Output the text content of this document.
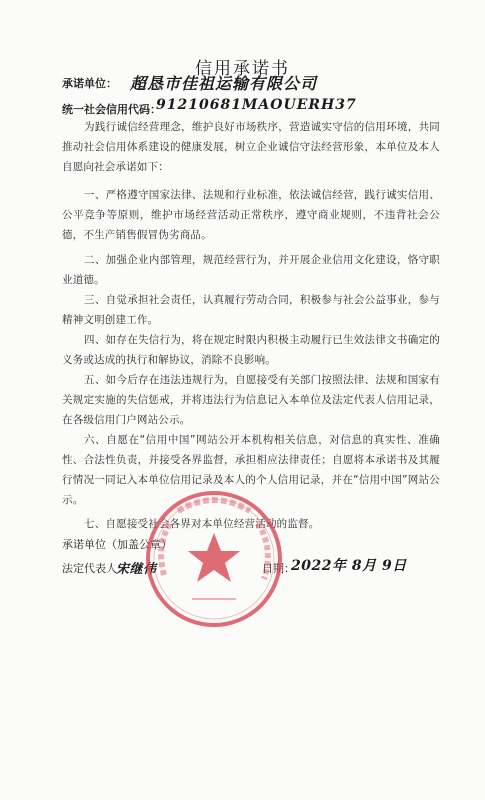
信用承诺书
承诺单位： 超恳市佳祖运输有限公司
统一社会信用代码：
91210681MAOUERH37

为践行诚信经营理念，维护良好市场秩序，营造诚实守信的信用环境，共同推动社会信用体系建设的健康发展，树立企业诚信守法经营形象，本单位及本人自愿向社会承诺如下：

一、严格遵守国家法律、法规和行业标准，依法诚信经营，践行诚实信用、公平竞争等原则，维护市场经营活动正常秩序，遵守商业规则，不违背社会公德，不生产销售假冒伪劣商品。

二、加强企业内部管理，规范经营行为，并开展企业信用文化建设，恪守职业道德。

三、自觉承担社会责任，认真履行劳动合同，积极参与社会公益事业，参与精神文明创建工作。

四、如存在失信行为，将在规定时限内积极主动履行已生效法律文书确定的义务或达成的执行和解协议，消除不良影响。

五、如今后存在违法违规行为，自愿接受有关部门按照法律、法规和国家有关规定实施的失信惩戒，并将违法行为信息记入本单位及法定代表人信用记录，在各级信用门户网站公示。

六、自愿在“信用中国”网站公开本机构相关信息，对信息的真实性、准确性、合法性负责，并接受各界监督，承担相应法律责任；自愿将本承诺书及其履行情况一同记入本单位信用记录及本人的个人信用记录，并在“信用中国”网站公示。

七、自愿接受社会各界对本单位经营活动的监督。

承诺单位（加盖公章）
法定代表人：
宋继伟	日期：
2022年 8月 9日
